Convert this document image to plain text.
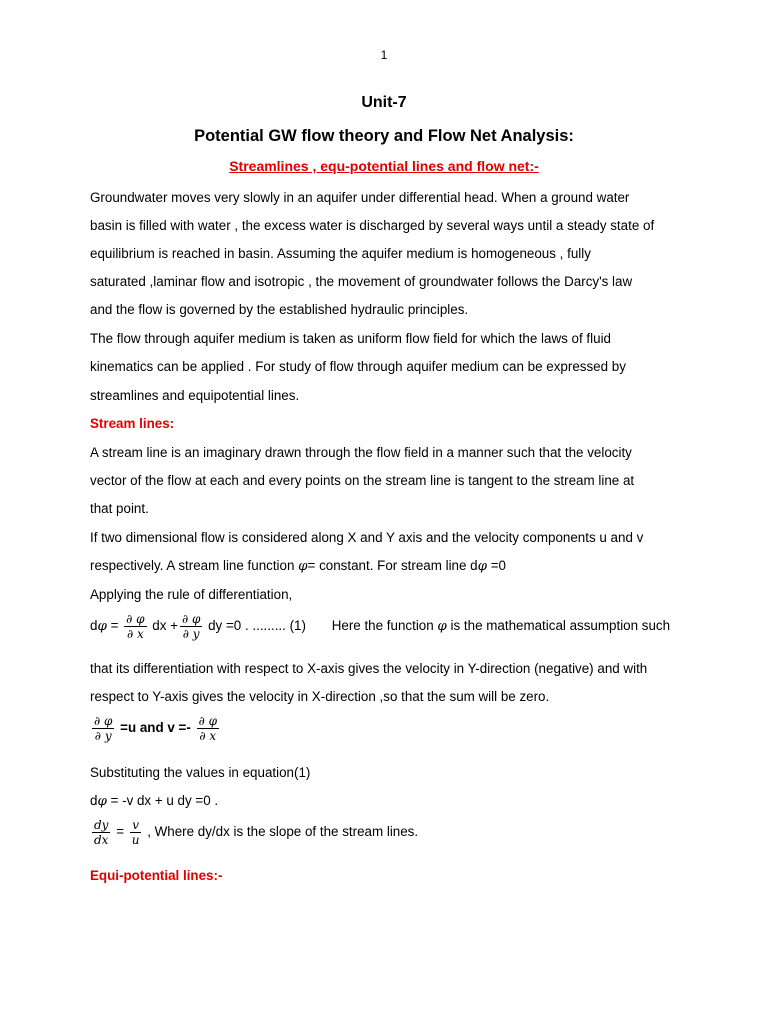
1
Unit-7
Potential GW flow theory and Flow Net Analysis:
Streamlines , equ-potential lines and flow net:-
Groundwater moves very slowly in an aquifer under differential head. When a ground water
basin is filled with water , the excess water is discharged by several ways until a steady state of
equilibrium is reached in basin. Assuming the aquifer medium is homogeneous , fully
saturated ,laminar flow and isotropic , the movement of groundwater follows the Darcy's law
and the flow is governed by the established hydraulic principles.
The flow through aquifer medium is taken as uniform flow field for which the laws of fluid
kinematics can be applied . For study of flow through aquifer medium can be expressed by
streamlines and equipotential lines.
Stream lines:
A stream line is an imaginary drawn through the flow field in a manner such that the velocity
vector of the flow at each and every points on the stream line is tangent to the stream line at
that point.
If two dimensional flow is considered along X and Y axis and the velocity components u and v
respectively. A stream line function φ= constant. For stream line dφ =0
Applying the rule of differentiation,
$d\varphi = \frac{\partial \varphi}{\partial x}$ dx + $\frac{\partial \varphi}{\partial y}$ dy =0 . ......... (1) Here the function φ is the mathematical assumption such
that its differentiation with respect to X-axis gives the velocity in Y-direction (negative) and with
respect to Y-axis gives the velocity in X-direction ,so that the sum will be zero.
$\frac{\partial \varphi}{\partial y} =u$ and $v =- \frac{\partial \varphi}{\partial x}$
Substituting the values in equation(1)
dφ = -v dx + u dy =0 .
$\frac{dy}{dx} = \frac{v}{u}$ , Where dy/dx is the slope of the stream lines.
Equi-potential lines:-
